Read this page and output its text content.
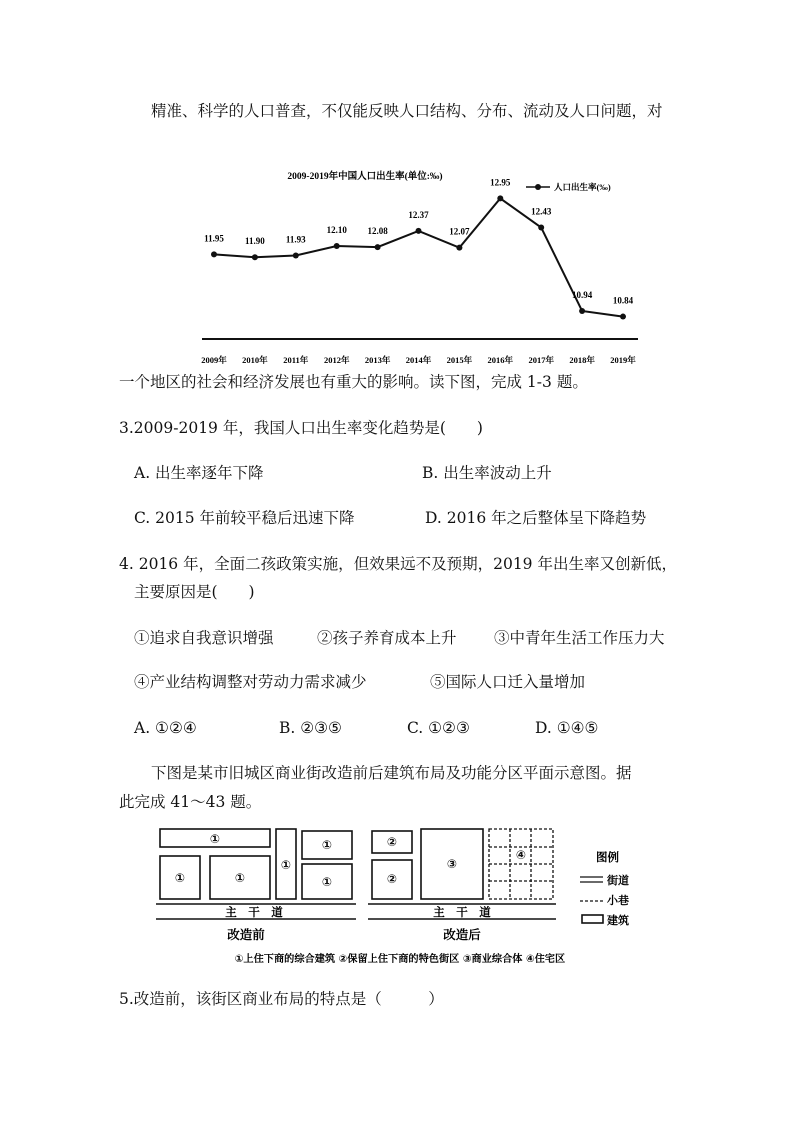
精准、科学的人口普查，不仅能反映人口结构、分布、流动及人口问题，对
2009-2019年中国人口出生率(单位:‰)
人口出生率(‰)
11.95 11.90 11.93
12.10 12.08
12.37
12.07
12.95
12.43
10.94
10.84
2009年 2010年 2011年 2012年 2013年 2014年 2015年 2016年 2017年 2018年 2019年
一个地区的社会和经济发展也有重大的影响。读下图，完成 1-3 题。
3.2009-2019 年，我国人口出生率变化趋势是(　　)
A. 出生率逐年下降	B. 出生率波动上升
C. 2015 年前较平稳后迅速下降	D. 2016 年之后整体呈下降趋势
4. 2016 年，全面二孩政策实施，但效果远不及预期，2019 年出生率又创新低，
主要原因是(　　)
①追求自我意识增强	②孩子养育成本上升 ③中青年生活工作压力大
④产业结构调整对劳动力需求减少	⑤国际人口迁入量增加
A. ①②④	B. ②③⑤	C. ①②③	D. ①④⑤
下图是某市旧城区商业街改造前后建筑布局及功能分区平面示意图。据
此完成 41～43 题。
①
①	①
①
①
①
②
②
③
④
主　干　道	主　干　道
改造前	改造后
图例
街道
小巷
建筑
①上住下商的综合建筑 ②保留上住下商的特色街区 ③商业综合体 ④住宅区
5.改造前，该街区商业布局的特点是（　　　）
